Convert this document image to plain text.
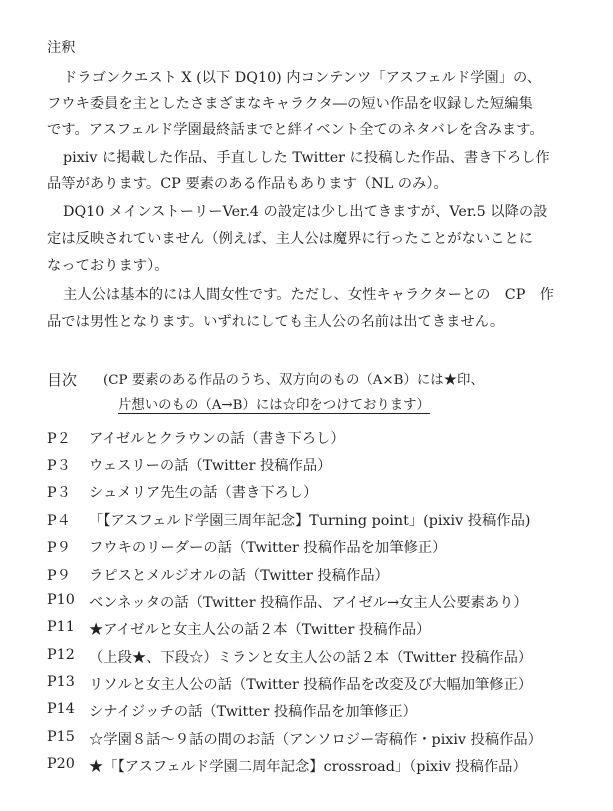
注釈
ドラゴンクエスト X (以下 DQ10) 内コンテンツ「アスフェルド学園」の、
フウキ委員を主としたさまざまなキャラクタ―の短い作品を収録した短編集
です。アスフェルド学園最終話までと絆イベント全てのネタバレを含みます。
pixiv に掲載した作品、手直しした Twitter に投稿した作品、書き下ろし作
品等があります。CP 要素のある作品もあります（NL のみ）。
DQ10 メインストーリーVer.4 の設定は少し出てきますが、Ver.5 以降の設
定は反映されていません（例えば、主人公は魔界に行ったことがないことに
なっております）。
主人公は基本的には人間女性です。ただし、女性キャラクターとの　CP　作
品では男性となります。いずれにしても主人公の名前は出てきません。
目次 (CP 要素のある作品のうち、双方向のもの（A×B）には★印、
片想いのもの（A→B）には☆印をつけております）
P２ アイゼルとクラウンの話（書き下ろし）
P３ ウェスリーの話（Twitter 投稿作品）
P３ シュメリア先生の話（書き下ろし）
P４ 「【アスフェルド学園三周年記念】Turning point」(pixiv 投稿作品)
P９ フウキのリーダーの話（Twitter 投稿作品を加筆修正）
P９ ラピスとメルジオルの話（Twitter 投稿作品）
P10 ベンネッタの話（Twitter 投稿作品、アイゼル→女主人公要素あり）
P11 ★アイゼルと女主人公の話２本（Twitter 投稿作品）
P12 （上段★、下段☆）ミランと女主人公の話２本（Twitter 投稿作品）
P13 リソルと女主人公の話（Twitter 投稿作品を改変及び大幅加筆修正）
P14 シナイジッチの話（Twitter 投稿作品を加筆修正）
P15 ☆学園８話〜９話の間のお話（アンソロジー寄稿作・pixiv 投稿作品）
P20 ★「【アスフェルド学園二周年記念】crossroad」（pixiv 投稿作品）
